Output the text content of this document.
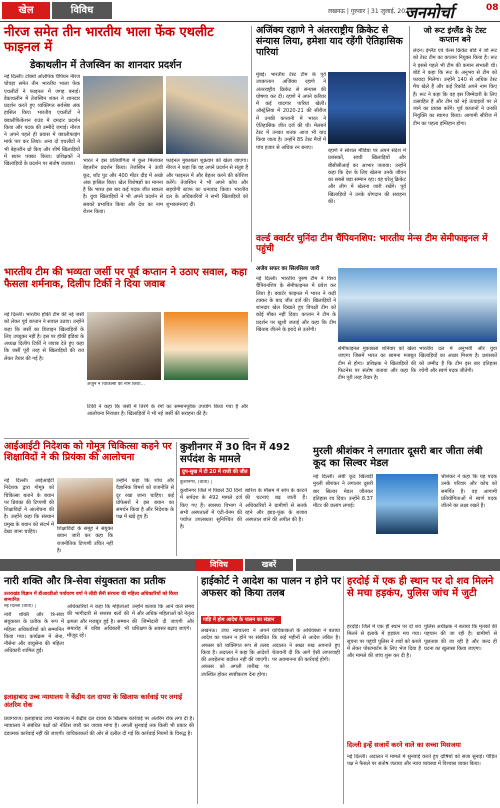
खेल	विविध	लखनऊ | गुरुवार | 31 जुलाई, 2024
जनमोर्चा	08
नीरज समेत तीन भारतीय भाला फेंक एथलीट फाइनल में
डेकाथलीन में तेजस्विन का शानदार प्रदर्शन
नई दिल्ली। टोक्यो ओलंपिक चैंपियन नीरज चोपड़ा समेत तीन भारतीय भाला फेंक एथलीटों ने फाइनल में जगह बनाई। डेकाथलीन में तेजस्विन शंकर ने शानदार प्रदर्शन करते हुए व्यक्तिगत सर्वश्रेष्ठ अंक हासिल किए। भारतीय एथलीटों ने क्वालीफिकेशन राउंड में दमदार प्रदर्शन किया और पदक की उम्मीदें जगाई। नीरज ने अपने पहले ही प्रयास में क्वालीफाइंग मार्क पार कर लिया। अन्य दो एथलीटों ने भी बेहतरीन थ्रो किए और शीर्ष खिलाड़ियों में स्थान पक्का किया। प्रशिक्षकों ने खिलाड़ियों के प्रदर्शन पर संतोष जताया।	भारत ने इस प्रतियोगिता में कुल मिलाकर बेहतरीन प्रदर्शन किया। तेजस्विन ने ऊंची कूद, शॉट पुट और 400 मीटर दौड़ में अच्छे अंक हासिल किए। खेल विशेषज्ञों का मानना है कि भारत इस बार कई पदक जीत सकता है। युवा खिलाड़ियों ने भी अपने प्रदर्शन से सबको प्रभावित किया और देश का नाम रोशन किया।
फाइनल मुकाबला शुक्रवार को खेला जाएगा। नीरज ने कहा कि वह अपने प्रदर्शन से संतुष्ट हैं और फाइनल में और बेहतर करने की कोशिश करेंगे। तेजस्विन ने भी अपने कोच और सहयोगी स्टाफ का धन्यवाद किया। भारतीय दल के अधिकारियों ने सभी खिलाड़ियों को शुभकामनाएं दीं।
अजिंक्य रहाणे ने अंतरराष्ट्रीय क्रिकेट से संन्यास लिया, हमेशा याद रहेंगी ऐतिहासिक पारियां
मुंबई। भारतीय टेस्ट टीम के पूर्व उपकप्तान अजिंक्य रहाणे ने अंतरराष्ट्रीय क्रिकेट से संन्यास की घोषणा कर दी। रहाणे ने अपने करियर में कई यादगार पारियां खेलीं। ऑस्ट्रेलिया में 2020-21 की सीरीज में उनकी कप्तानी में भारत ने ऐतिहासिक जीत दर्ज की थी। मेलबर्न टेस्ट में उनका शतक आज भी याद किया जाता है। उन्होंने 85 टेस्ट मैचों में पांच हजार से अधिक रन बनाए।
रहाणे ने सोशल मीडिया पर अपने संदेश में प्रशंसकों, साथी खिलाड़ियों और बीसीसीआई का आभार जताया। उन्होंने कहा कि देश के लिए खेलना उनके जीवन का सबसे बड़ा सम्मान रहा। वह घरेलू क्रिकेट और लीग में खेलना जारी रखेंगे। पूर्व खिलाड़ियों ने उनके योगदान की सराहना की।
जो रूट इंग्लैंड के टेस्ट कप्तान बने
लंदन। इंग्लैंड एवं वेल्स क्रिकेट बोर्ड ने जो रूट को टेस्ट टीम का कप्तान नियुक्त किया है। रूट ने इससे पहले भी टीम की कमान संभाली थी। बोर्ड ने कहा कि रूट के अनुभव से टीम को फायदा मिलेगा। उन्होंने 140 से अधिक टेस्ट मैच खेले हैं और कई रिकॉर्ड अपने नाम किए हैं। रूट ने कहा कि वह इस जिम्मेदारी के लिए उत्साहित हैं और टीम को नई ऊंचाइयों पर ले जाने का प्रयास करेंगे। पूर्व कप्तानों ने उनकी नियुक्ति का स्वागत किया। आगामी सीरीज में टीम का पहला इम्तिहान होगा।
भारतीय टीम की भव्यता जर्सी पर पूर्व कप्तान ने उठाए सवाल, कहा फैसला शर्मनाक, दिलीप टिर्की ने दिया जवाब
नई दिल्ली। भारतीय हॉकी टीम की नई जर्सी को लेकर पूर्व कप्तान ने सवाल उठाए। उन्होंने कहा कि जर्सी का डिजाइन खिलाड़ियों के लिए उपयुक्त नहीं है। इस पर हॉकी इंडिया के अध्यक्ष दिलीप टिर्की ने जवाब देते हुए कहा कि जर्सी पूरी तरह से खिलाड़ियों की राय लेकर तैयार की गई है।
अर्जुन ने चिकित्सा को नाम किया...
टिर्की ने कहा कि जर्सी में तिरंगे के रंगों का सम्मानपूर्वक उपयोग किया गया है और आलोचना निराधार है। खिलाड़ियों ने भी नई जर्सी की सराहना की है।
वर्ल्ड क्वार्टर चुनिंदा टीम चैंपियनशिप: भारतीय मेन्स टीम सेमीफाइनल में पहुंची
अजेय सफर का सिलसिला जारी
नई दिल्ली। भारतीय पुरुष टीम ने विश्व चैंपियनशिप के सेमीफाइनल में प्रवेश कर लिया है। क्वार्टर फाइनल में भारत ने कड़ी टक्कर के बाद जीत दर्ज की। खिलाड़ियों ने शानदार खेल दिखाते हुए विपक्षी टीम को कोई मौका नहीं दिया। कप्तान ने टीम के प्रदर्शन पर खुशी जताई और कहा कि टीम खिताब जीतने के इरादे से उतरेगी।
सेमीफाइनल मुकाबला शनिवार को खेला जाएगा जिसमें भारत का सामना मजबूत टीम से होगा। प्रशिक्षक ने खिलाड़ियों की फिटनेस पर संतोष जताया और कहा कि टीम पूरी तरह तैयार है।
भारतीय दल में अनुभवी और युवा खिलाड़ियों का अच्छा मिश्रण है। प्रशंसकों को उम्मीद है कि टीम इस बार इतिहास रचेगी और स्वर्ण पदक जीतेगी।
आईआईटी निदेशक को गोमूत्र चिकित्सा कहने पर शिक्षाविदों ने की प्रियंका की आलोचना
नई दिल्ली। आईआईटी निदेशक द्वारा गोमूत्र को चिकित्सा बताने के बयान पर प्रियंका की टिप्पणी की शिक्षाविदों ने आलोचना की है। उन्होंने कहा कि संस्थान प्रमुख के बयान को संदर्भ में देखा जाना चाहिए।	शिक्षाविदों के समूह ने संयुक्त बयान जारी कर कहा कि राजनीतिक टिप्पणी उचित नहीं है।
उन्होंने कहा कि शोध और वैज्ञानिक विमर्श को राजनीति से दूर रखा जाना चाहिए। कई प्रोफेसरों ने इस बयान का समर्थन किया है और निदेशक के पक्ष में खड़े हुए हैं।
कुशीनगर में 30 दिन में 492 सर्पदंश के मामले
ग्रुप-सुख में टी 20 में राजी की जीत
कुशीनगर, (वार्ता) |
कुशीनगर जिले में पिछले 30 दिनों में सर्पदंश के 492 मामले दर्ज किए गए हैं। स्वास्थ्य विभाग ने सभी अस्पतालों में एंटी-वेनम की पर्याप्त उपलब्धता सुनिश्चित की है।
बारिश के मौसम में सांप के काटने की घटनाएं बढ़ जाती हैं। अधिकारियों ने ग्रामीणों से सतर्क रहने और झाड़-फूंक के बजाय अस्पताल जाने की अपील की है।
मुरली श्रीशंकर ने लगातार दूसरी बार जीता लंबी कूद का सिल्वर मेडल
नई दिल्ली। लंबी कूद खिलाड़ी मुरली श्रीशंकर ने लगातार दूसरी बार सिल्वर मेडल जीतकर इतिहास रच दिया। उन्होंने 8.37 मीटर की छलांग लगाई।
श्रीशंकर ने कहा कि यह पदक उनके परिवार और कोच को समर्पित है। वह आगामी प्रतियोगिताओं में स्वर्ण पदक जीतने का लक्ष्य रखते हैं।
विविध	खबरें
नारी शक्ति और त्रि-सेवा संयुक्तता का प्रतीक
उत्तराखंड विज्ञान में डीआरडीओ पर्यावरण वर्गा ने लीडी सैनी संरचना की महिला अधिकारियों को किया सम्मानित
नई दिल्ली (वार्ता) |
नारी शक्ति और त्रि-सेवा संयुक्तता के प्रतीक के रूप में महिला अधिकारियों को सम्मानित किया गया। कार्यक्रम में सेना, नौसेना और वायुसेना की महिला अधिकारी शामिल हुईं।
अधिकारियों ने कहा कि महिलाओं की भागीदारी से सशस्त्र बलों की क्षमता और मजबूत हुई है। सम्मान समारोह में वरिष्ठ अधिकारी भी मौजूद रहे।
उन्होंने बताया कि आने वाले समय में और अधिक महिलाओं को नेतृत्व की जिम्मेदारी दी जाएगी और प्रशिक्षण के अवसर बढ़ाए जाएंगे।
इलाहाबाद उच्च न्यायालय ने केंद्रीय दल दायरा के खिलाफ कार्रवाई पर लगाई अंतरिम रोक
प्रयागराज। इलाहाबाद उच्च न्यायालय ने केंद्रीय दल दायरा के खिलाफ कार्रवाई पर अंतरिम रोक लगा दी है। न्यायालय ने संबंधित पक्षों को नोटिस जारी कर जवाब मांगा है। अगली सुनवाई तक किसी भी प्रकार की दंडात्मक कार्रवाई नहीं की जाएगी। याचिकाकर्ता की ओर से दलील दी गई कि कार्रवाई नियमों के विरुद्ध है।
हाईकोर्ट ने आदेश का पालन न होने पर अफसर को किया तलब
गाड़ि में होम आदेश के पालन का संज्ञान
लखनऊ। उच्च न्यायालय ने अपने आदेश का पालन न होने पर संबंधित अफसर को व्यक्तिगत रूप से तलब किया है। अदालत ने कहा कि आदेशों की अवहेलना बर्दाश्त नहीं की जाएगी। अफसर को अगली तारीख पर उपस्थित होकर स्पष्टीकरण देना होगा।
याचिकाकर्ता के अधिवक्ता ने बताया कि कई महीनों से आदेश लंबित है। अदालत ने सख्त रुख अपनाते हुए चेतावनी दी कि आगे ऐसी लापरवाही पर अवमानना की कार्रवाई होगी।
हरदोई में एक ही स्थान पर दो शव मिलने से मचा हड़कंप, पुलिस जांच में जुटी
हरदोई। जिले में एक ही स्थान पर दो शव मिलने से इलाके में हड़कंप मच गया। सूचना पर पहुंची पुलिस ने शवों को कब्जे में लेकर पोस्टमार्टम के लिए भेज दिया है और मामले की जांच शुरू कर दी है।
पुलिस अधीक्षक ने बताया कि मृतकों की पहचान की जा रही है। ग्रामीणों से पूछताछ की जा रही है और जल्द ही घटना का खुलासा किया जाएगा।
दिल्ली इन्हें सजायें करने वाले का सच्चा मिसजया
नई दिल्ली। अदालत ने मामले में सुनवाई करते हुए दोषियों को सजा सुनाई। पीड़ित पक्ष ने फैसले पर संतोष जताया और न्याय व्यवस्था में विश्वास व्यक्त किया।
